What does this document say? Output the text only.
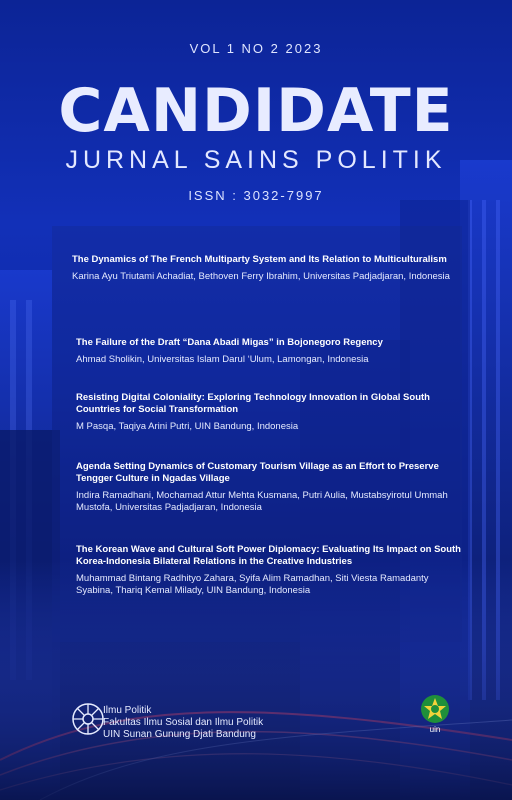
VOL 1 NO 2 2023
CANDIDATE
JURNAL SAINS POLITIK
ISSN : 3032-7997

The Dynamics of The French Multiparty System and Its Relation to Multiculturalism

Karina Ayu Triutami Achadiat, Bethoven Ferry Ibrahim, Universitas Padjadjaran, Indonesia

The Failure of the Draft “Dana Abadi Migas” in Bojonegoro Regency

Ahmad Sholikin, Universitas Islam Darul ‘Ulum, Lamongan, Indonesia

Resisting Digital Coloniality: Exploring Technology Innovation in Global South Countries for Social Transformation

M Pasqa, Taqiya Arini Putri, UIN Bandung, Indonesia

Agenda Setting Dynamics of Customary Tourism Village as an Effort to Preserve Tengger Culture in Ngadas Village

Indira Ramadhani, Mochamad Attur Mehta Kusmana, Putri Aulia, Mustabsyirotul Ummah Mustofa, Universitas Padjadjaran, Indonesia

The Korean Wave and Cultural Soft Power Diplomacy: Evaluating Its Impact on South Korea-Indonesia Bilateral Relations in the Creative Industries

Muhammad Bintang Radhityo Zahara, Syifa Alim Ramadhan, Siti Viesta Ramadanty Syabina, Thariq Kemal Milady, UIN Bandung, Indonesia
Ilmu Politik
Fakultas Ilmu Sosial dan Ilmu Politik
UIN Sunan Gunung Djati Bandung	uin
